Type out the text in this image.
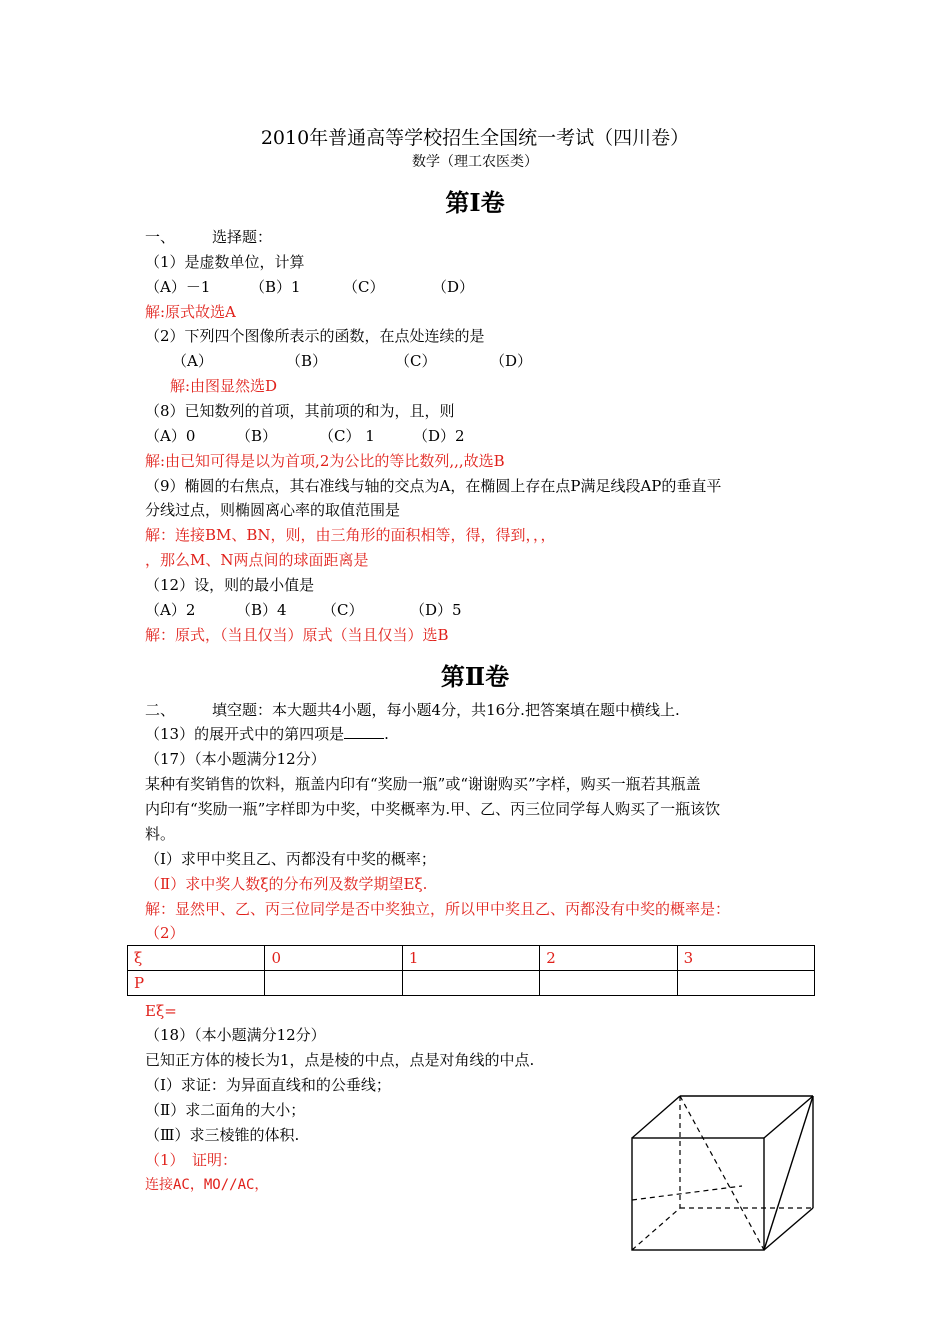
2010年普通高等学校招生全国统一考试（四川卷）
数学（理工农医类）
第Ⅰ卷
一、 选择题：
（1）是虚数单位，计算
（A）－1	（B）1	（C）	（D）
解:原式故选A
（2）下列四个图像所表示的函数，在点处连续的是
（A）	（B）	（C）	（D）
解:由图显然选D
（8）已知数列的首项，其前项的和为，且，则
（A）0	（B）	（C） 1	（D）2
解:由已知可得是以为首项,2为公比的等比数列,,,故选B
（9）椭圆的右焦点，其右准线与轴的交点为A，在椭圆上存在点P满足线段AP的垂直平
分线过点，则椭圆离心率的取值范围是
解：连接BM、BN，则，由三角形的面积相等，得，得到，，，
，那么M、N两点间的球面距离是
（12）设，则的最小值是
（A）2	（B）4 （C）	（D）5
解：原式，（当且仅当）原式（当且仅当）选B
第Ⅱ卷
二、 填空题：本大题共4小题，每小题4分，共16分.把答案填在题中横线上.
（13）的展开式中的第四项是	.
（17）（本小题满分12分）
某种有奖销售的饮料，瓶盖内印有“奖励一瓶”或“谢谢购买”字样，购买一瓶若其瓶盖
内印有“奖励一瓶”字样即为中奖，中奖概率为.甲、乙、丙三位同学每人购买了一瓶该饮
料。
（Ⅰ）求甲中奖且乙、丙都没有中奖的概率；
（Ⅱ）求中奖人数ξ的分布列及数学期望Eξ.
解：显然甲、乙、丙三位同学是否中奖独立，所以甲中奖且乙、丙都没有中奖的概率是：
（2）
ξ	0	1	2	3
P				
Eξ=
（18）（本小题满分12分）
已知正方体的棱长为1，点是棱的中点，点是对角线的中点.
（Ⅰ）求证：为异面直线和的公垂线；
（Ⅱ）求二面角的大小；
（Ⅲ）求三棱锥的体积.
（1）　证明：
连接AC，MO//AC，
